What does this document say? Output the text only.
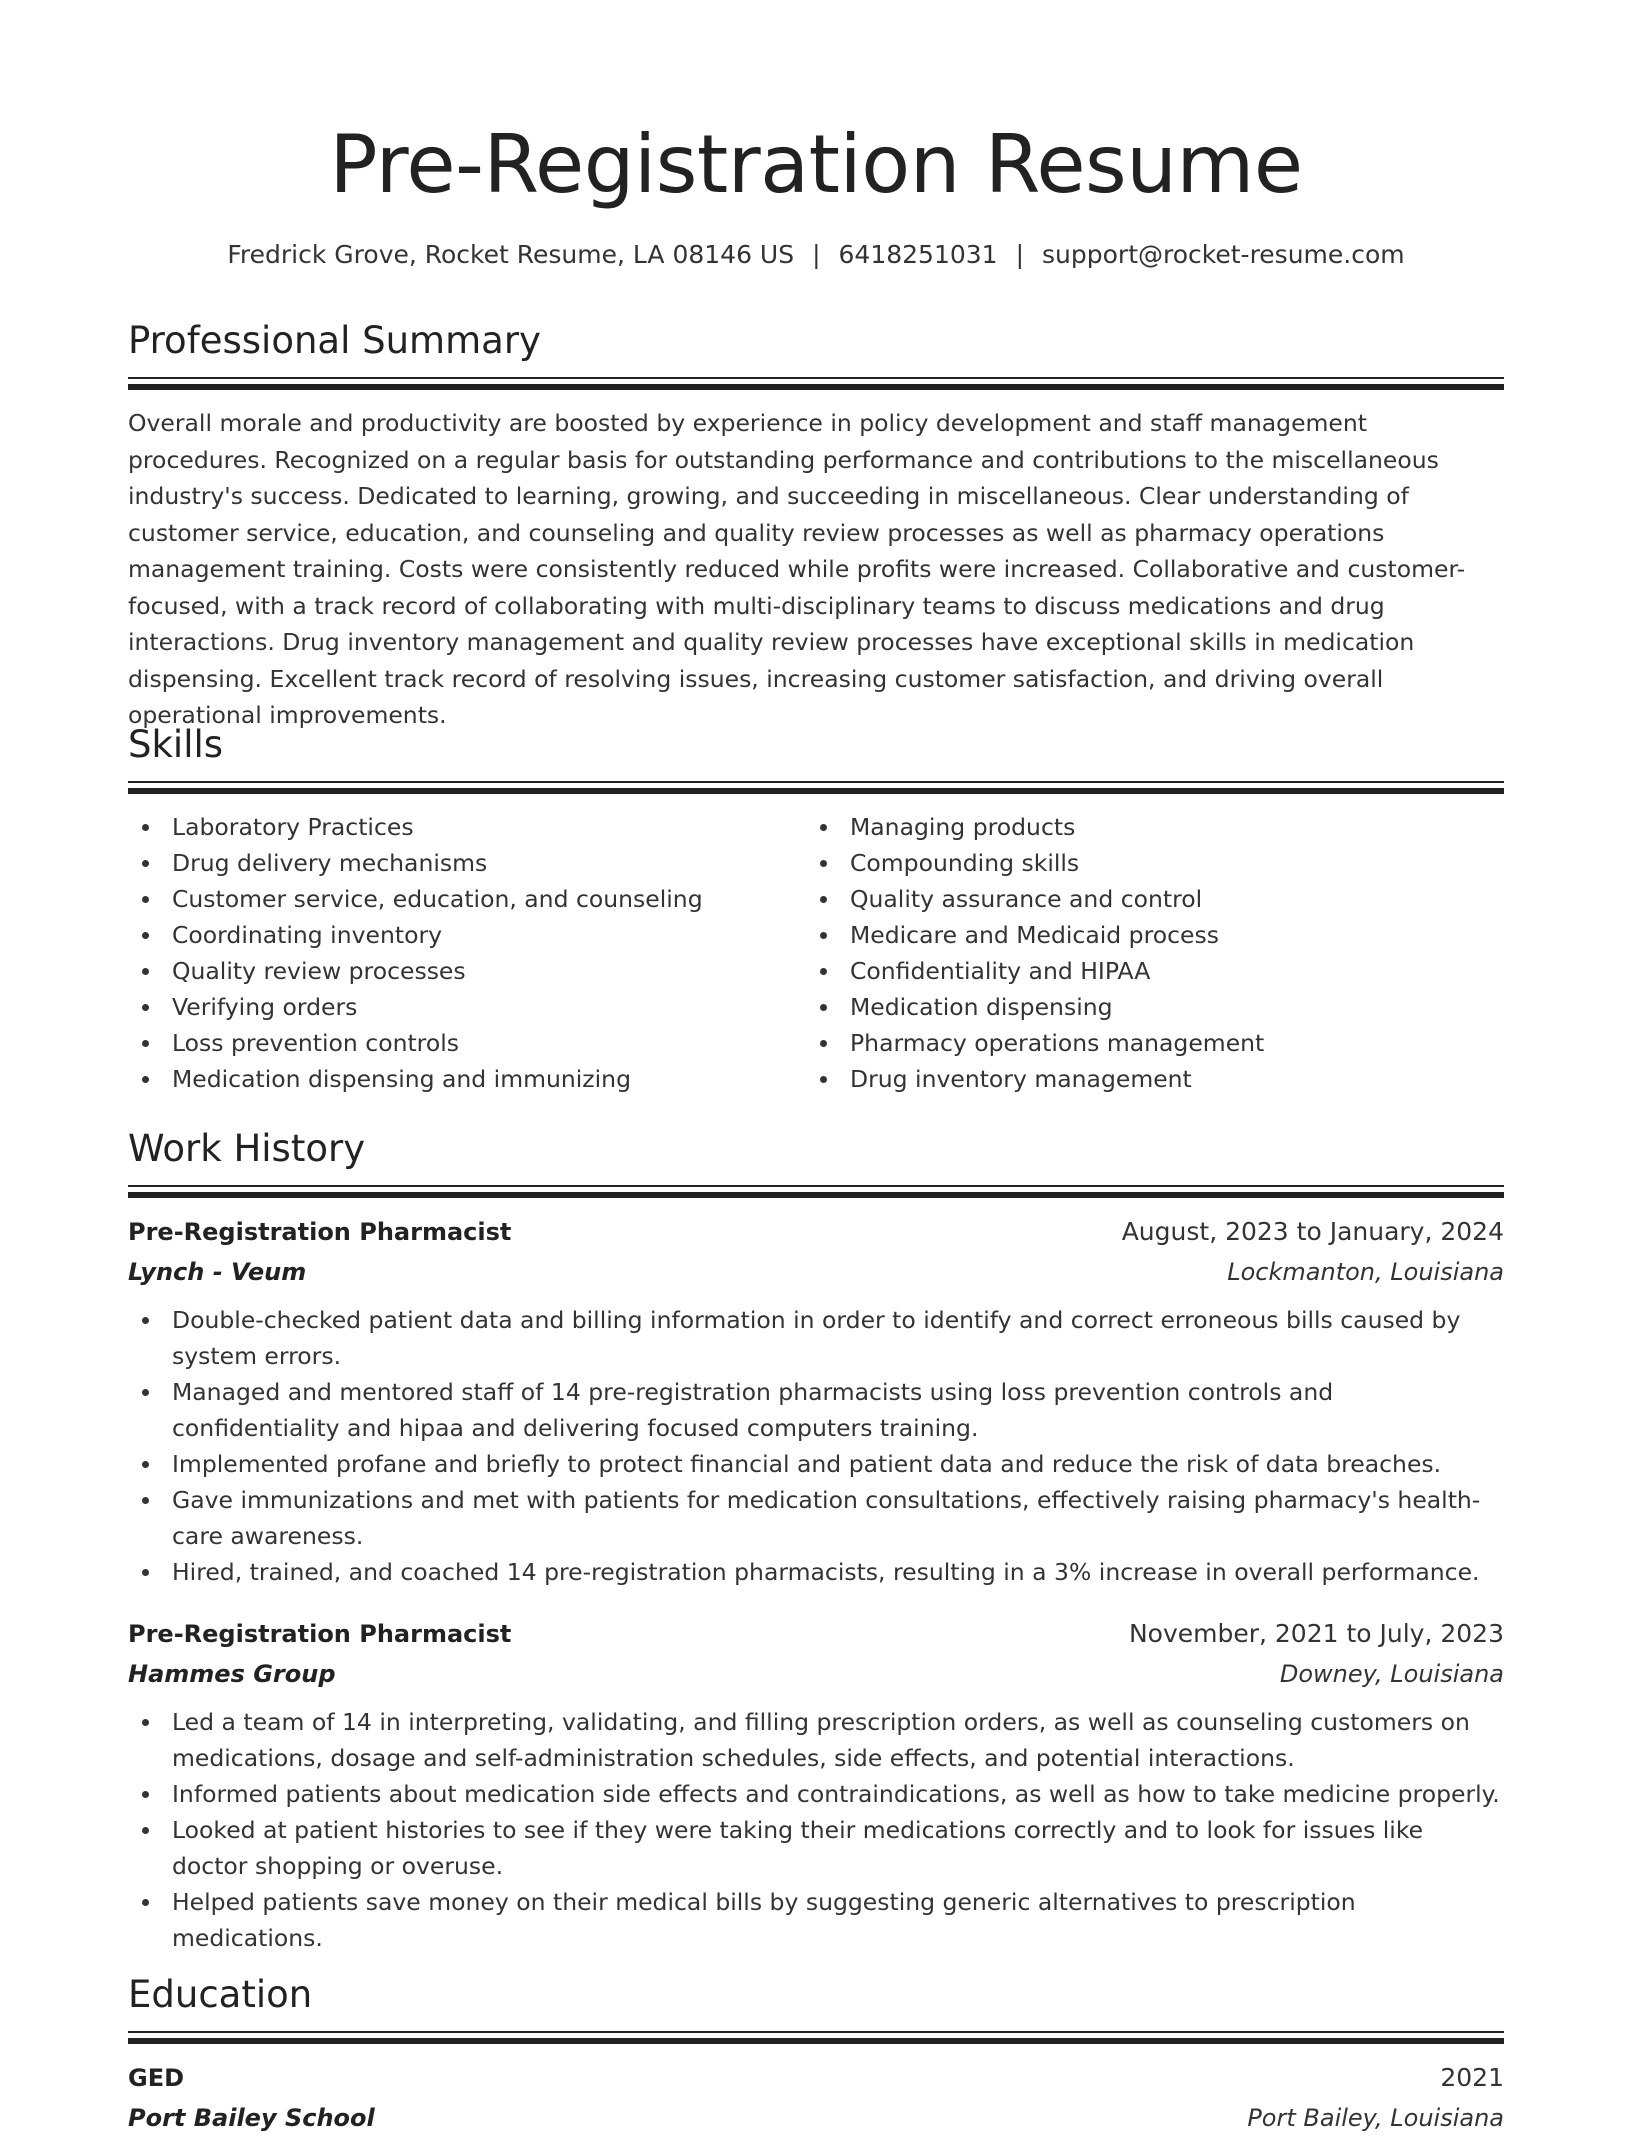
Pre-Registration Resume
Fredrick Grove, Rocket Resume, LA 08146 US | 6418251031 | support@rocket-resume.com
Professional Summary

Overall morale and productivity are boosted by experience in policy development and staff management procedures. Recognized on a regular basis for outstanding performance and contributions to the miscellaneous industry's success. Dedicated to learning, growing, and succeeding in miscellaneous. Clear understanding of customer service, education, and counseling and quality review processes as well as pharmacy operations management training. Costs were consistently reduced while profits were increased. Collaborative and customer-focused, with a track record of collaborating with multi-disciplinary teams to discuss medications and drug interactions. Drug inventory management and quality review processes have exceptional skills in medication dispensing. Excellent track record of resolving issues, increasing customer satisfaction, and driving overall operational improvements.

Skills
Laboratory Practices
Drug delivery mechanisms
Customer service, education, and counseling
Coordinating inventory
Quality review processes
Verifying orders
Loss prevention controls
Medication dispensing and immunizing
Managing products
Compounding skills
Quality assurance and control
Medicare and Medicaid process
Confidentiality and HIPAA
Medication dispensing
Pharmacy operations management
Drug inventory management
Work History
Pre-Registration Pharmacist	August, 2023 to January, 2024
Lynch - Veum	Lockmanton, Louisiana
Double-checked patient data and billing information in order to identify and correct erroneous bills caused by system errors.
Managed and mentored staff of 14 pre-registration pharmacists using loss prevention controls and confidentiality and hipaa and delivering focused computers training.
Implemented profane and briefly to protect financial and patient data and reduce the risk of data breaches.
Gave immunizations and met with patients for medication consultations, effectively raising pharmacy's health-care awareness.
Hired, trained, and coached 14 pre-registration pharmacists, resulting in a 3% increase in overall performance.
Pre-Registration Pharmacist	November, 2021 to July, 2023
Hammes Group	Downey, Louisiana
Led a team of 14 in interpreting, validating, and filling prescription orders, as well as counseling customers on medications, dosage and self-administration schedules, side effects, and potential interactions.
Informed patients about medication side effects and contraindications, as well as how to take medicine properly.
Looked at patient histories to see if they were taking their medications correctly and to look for issues like doctor shopping or overuse.
Helped patients save money on their medical bills by suggesting generic alternatives to prescription medications.
Education
GED	2021
Port Bailey School	Port Bailey, Louisiana
